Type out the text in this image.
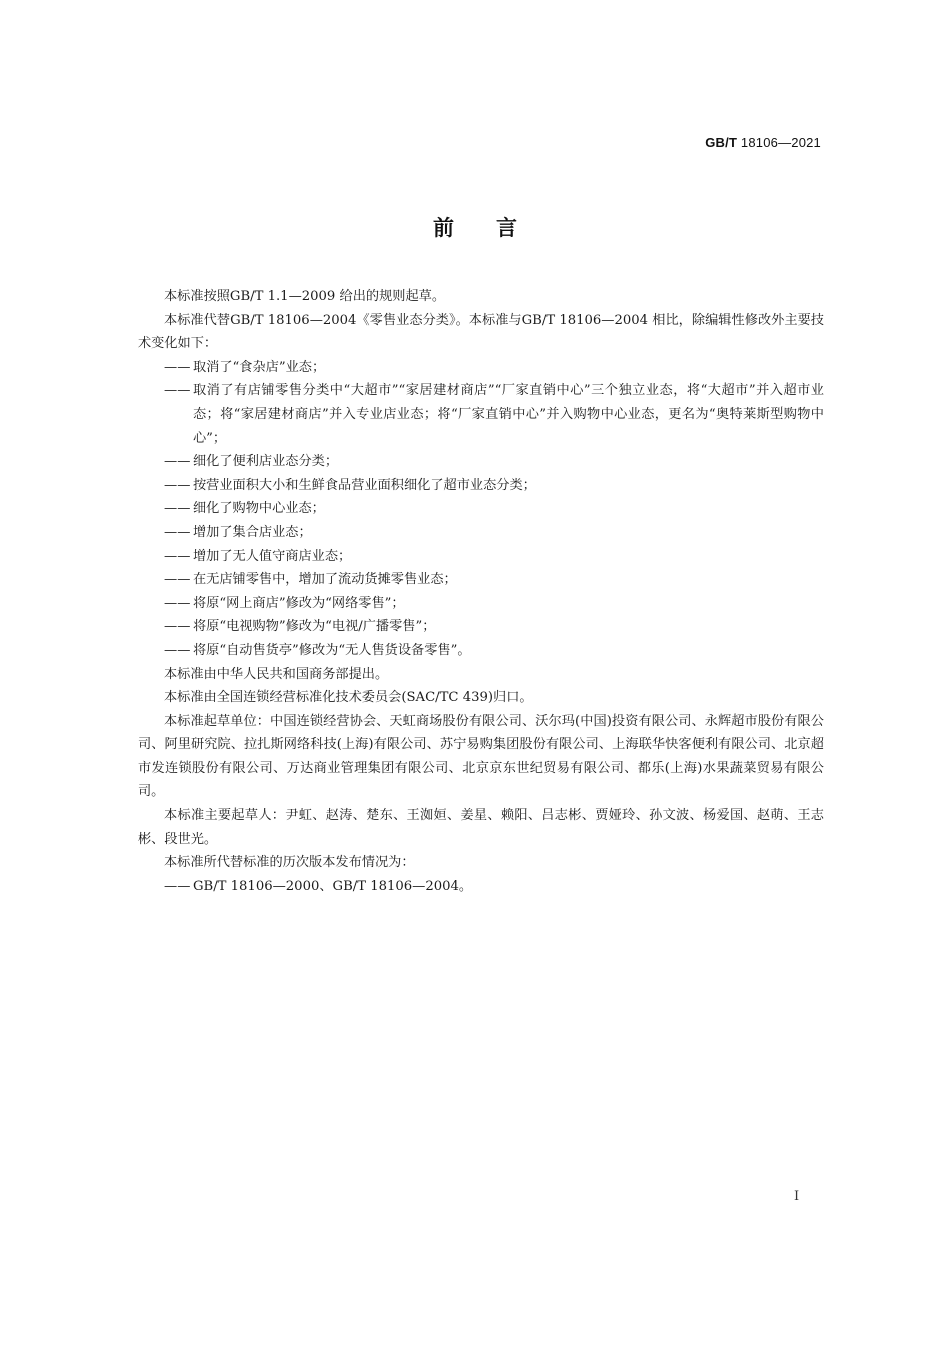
GB/T 18106—2021
前言

本标准按照GB/T 1.1—2009 给出的规则起草。

本标准代替GB/T 18106—2004《零售业态分类》。本标准与GB/T 18106—2004 相比，除编辑性修改外主要技术变化如下：

—— 取消了“食杂店”业态；
—— 取消了有店铺零售分类中“大超市”“家居建材商店”“厂家直销中心”三个独立业态，将“大超市”并入超市业态；将“家居建材商店”并入专业店业态；将“厂家直销中心”并入购物中心业态，更名为“奥特莱斯型购物中心”；
—— 细化了便利店业态分类；
—— 按营业面积大小和生鲜食品营业面积细化了超市业态分类；
—— 细化了购物中心业态；
—— 增加了集合店业态；
—— 增加了无人值守商店业态；
—— 在无店铺零售中，增加了流动货摊零售业态；
—— 将原“网上商店”修改为“网络零售”；
—— 将原“电视购物”修改为“电视/广播零售”；
—— 将原“自动售货亭”修改为“无人售货设备零售”。

本标准由中华人民共和国商务部提出。

本标准由全国连锁经营标准化技术委员会(SAC/TC 439)归口。

本标准起草单位：中国连锁经营协会、天虹商场股份有限公司、沃尔玛(中国)投资有限公司、永辉超市股份有限公司、阿里研究院、拉扎斯网络科技(上海)有限公司、苏宁易购集团股份有限公司、上海联华快客便利有限公司、北京超市发连锁股份有限公司、万达商业管理集团有限公司、北京京东世纪贸易有限公司、都乐(上海)水果蔬菜贸易有限公司。

本标准主要起草人：尹虹、赵涛、楚东、王洳姮、姜星、赖阳、吕志彬、贾娅玲、孙文波、杨爱国、赵萌、王志彬、段世光。

本标准所代替标准的历次版本发布情况为：

—— GB/T 18106—2000、GB/T 18106—2004。
I
